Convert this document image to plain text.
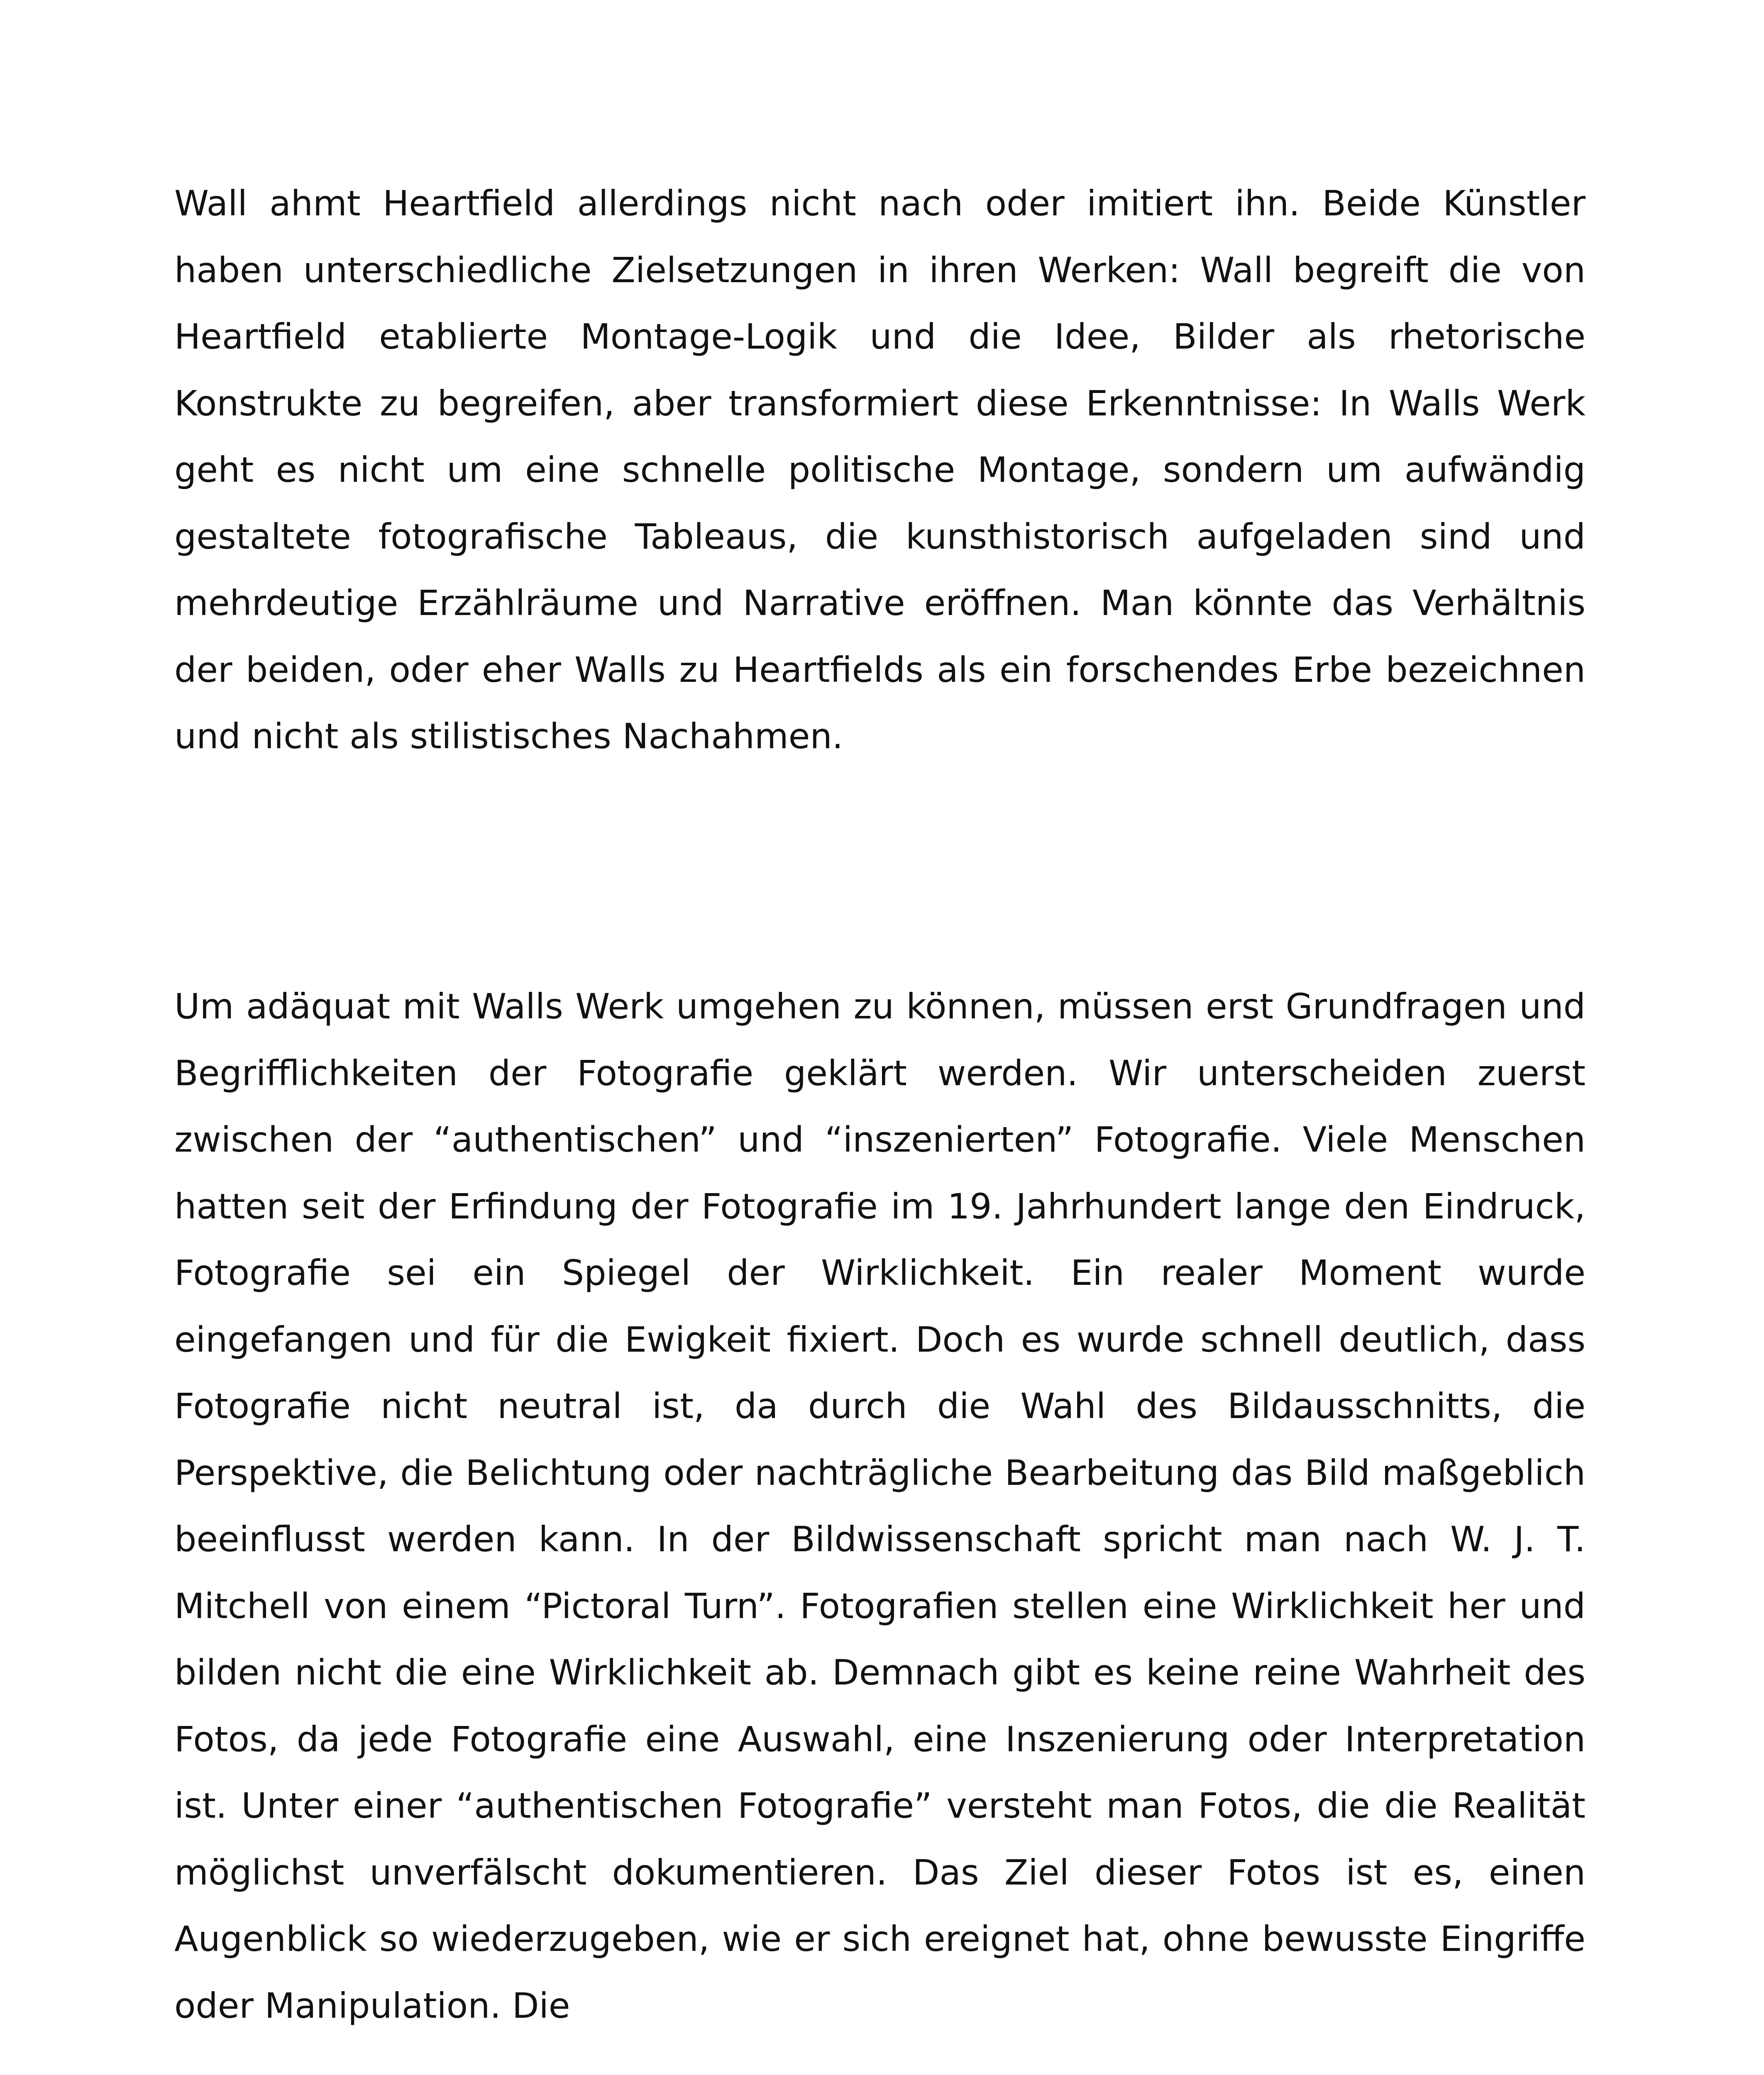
Wall ahmt Heartfield allerdings nicht nach oder imitiert ihn. Beide Künstler haben unterschiedliche Zielsetzungen in ihren Werken: Wall begreift die von Heartfield etablierte Montage-Logik und die Idee, Bilder als rhetorische Konstrukte zu begreifen, aber transformiert diese Erkenntnisse: In Walls Werk geht es nicht um eine schnelle politische Montage, sondern um aufwändig gestaltete fotografische Tableaus, die kunsthistorisch aufgeladen sind und mehrdeutige Erzählräume und Narrative eröffnen. Man könnte das Verhältnis der beiden, oder eher Walls zu Heartfields als ein forschendes Erbe bezeichnen und nicht als stilistisches Nachahmen.

Um adäquat mit Walls Werk umgehen zu können, müssen erst Grundfragen und Begrifflichkeiten der Fotografie geklärt werden. Wir unterscheiden zuerst zwischen der “authentischen” und “inszenierten” Fotografie. Viele Menschen hatten seit der Erfindung der Fotografie im 19. Jahrhundert lange den Eindruck, Fotografie sei ein Spiegel der Wirklichkeit. Ein realer Moment wurde eingefangen und für die Ewigkeit fixiert. Doch es wurde schnell deutlich, dass Fotografie nicht neutral ist, da durch die Wahl des Bildausschnitts, die Perspektive, die Belichtung oder nachträgliche Bearbeitung das Bild maßgeblich beeinflusst werden kann. In der Bildwissenschaft spricht man nach W. J. T. Mitchell von einem “Pictoral Turn”. Fotografien stellen eine Wirklichkeit her und bilden nicht die eine Wirklichkeit ab. Demnach gibt es keine reine Wahrheit des Fotos, da jede Fotografie eine Auswahl, eine Inszenierung oder Interpretation ist. Unter einer “authentischen Fotografie” versteht man Fotos, die die Realität möglichst unverfälscht dokumentieren. Das Ziel dieser Fotos ist es, einen Augenblick so wiederzugeben, wie er sich ereignet hat, ohne bewusste Eingriffe oder Manipulation. Die
